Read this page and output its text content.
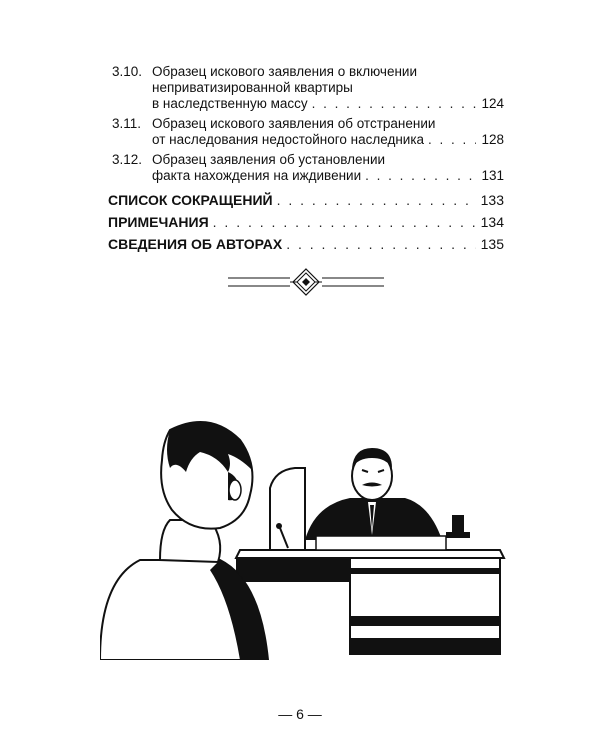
3.10. Образец искового заявления о включении
неприватизированной квартиры
в наследственную массу . . .	124
3.11. Образец искового заявления об отстранении
от наследования недостойного наследника . . .	128
3.12. Образец заявления об установлении
факта нахождения на иждивении . . .	131
СПИСОК СОКРАЩЕНИЙ . . .	133
ПРИМЕЧАНИЯ . . .	134
СВЕДЕНИЯ ОБ АВТОРАХ . . .	135
— 6 —
